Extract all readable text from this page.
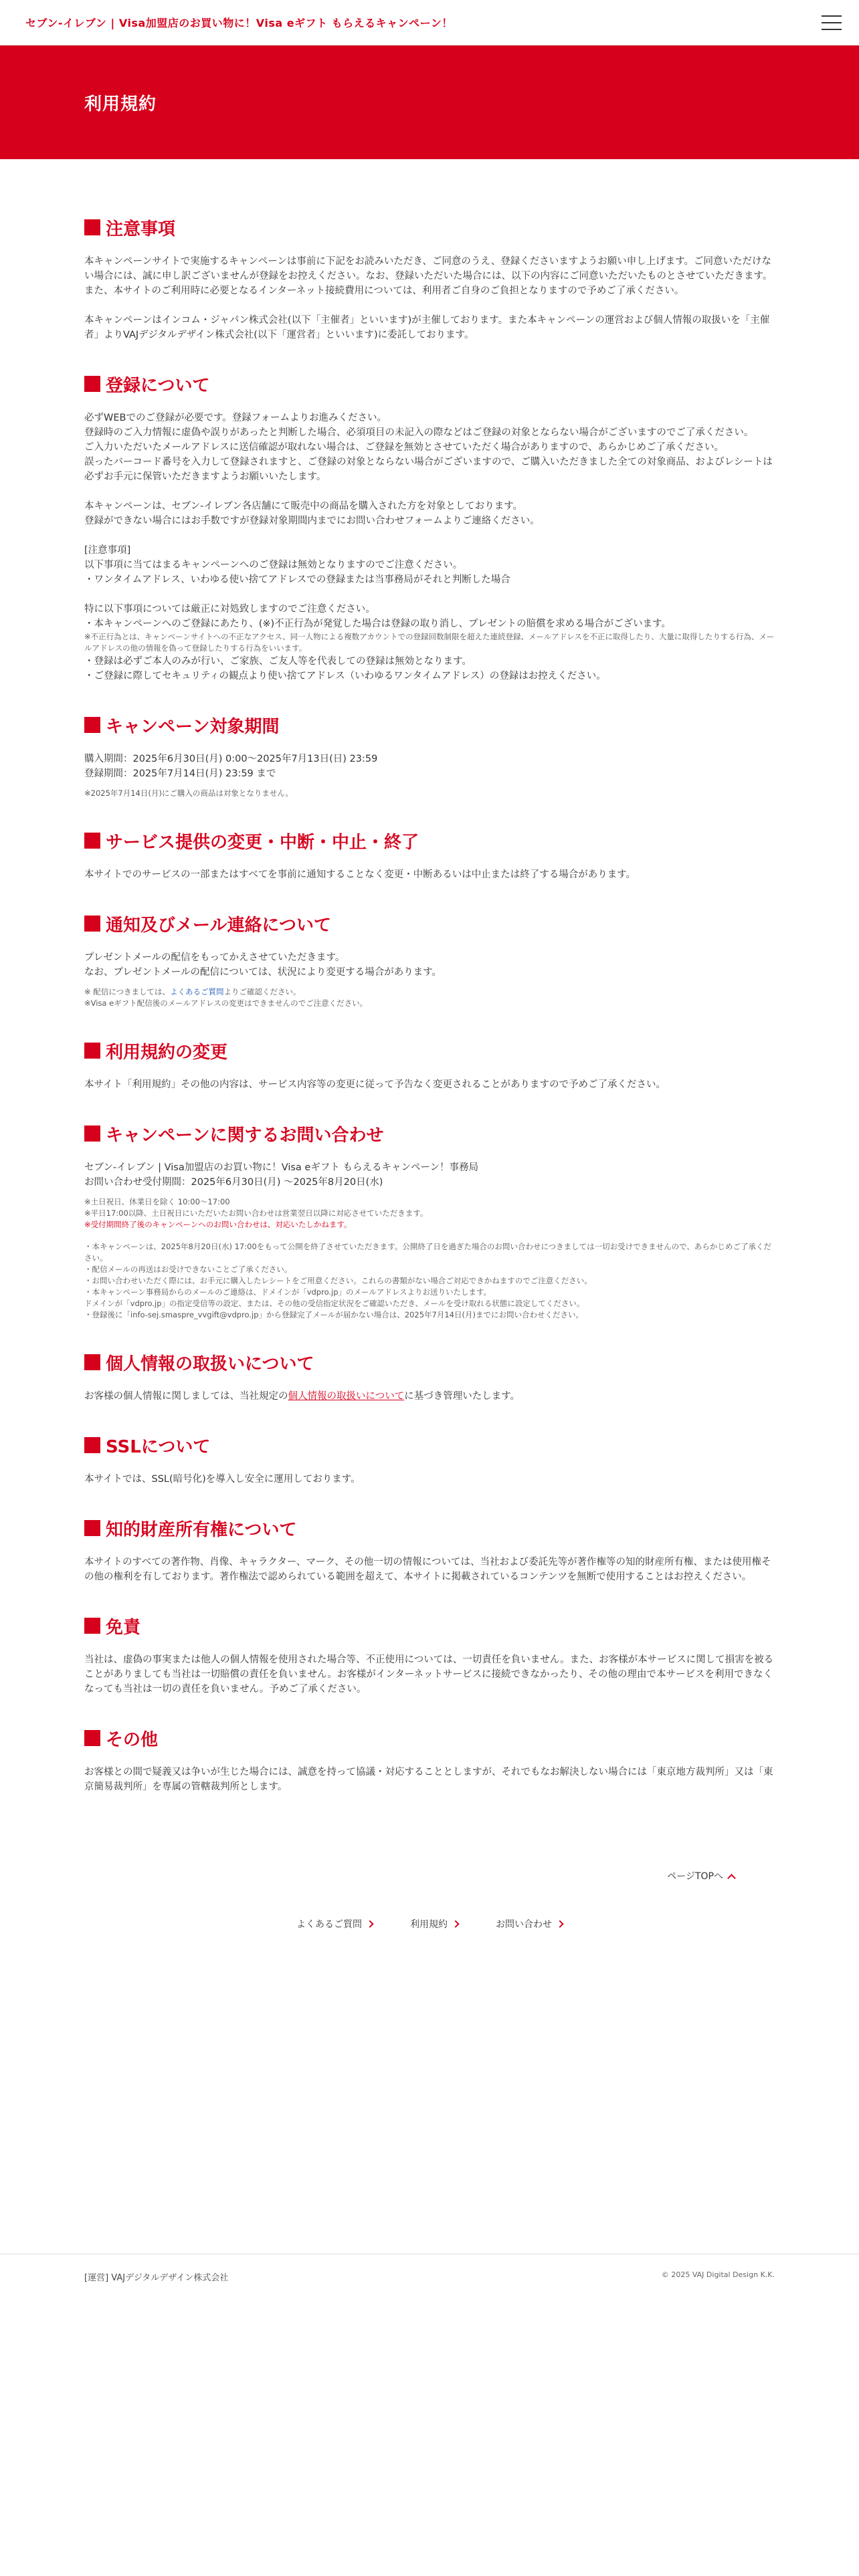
セブン‐イレブン | Visa加盟店のお買い物に！Visa eギフト もらえるキャンペーン！
利用規約
注意事項

本キャンペーンサイトで実施するキャンペーンは事前に下記をお読みいただき、ご同意のうえ、登録くださいますようお願い申し上げます。ご同意いただけない場合には、誠に申し訳ございませんが登録をお控えください。なお、登録いただいた場合には、以下の内容にご同意いただいたものとさせていただきます。また、本サイトのご利用時に必要となるインターネット接続費用については、利用者ご自身のご負担となりますので予めご了承ください。

本キャンペーンはインコム・ジャパン株式会社(以下「主催者」といいます)が主催しております。また本キャンペーンの運営および個人情報の取扱いを「主催者」よりVAJデジタルデザイン株式会社(以下「運営者」といいます)に委託しております。

登録について

必ずWEBでのご登録が必要です。登録フォームよりお進みください。

登録時のご入力情報に虚偽や誤りがあったと判断した場合、必須項目の未記入の際などはご登録の対象とならない場合がございますのでご了承ください。

ご入力いただいたメールアドレスに送信確認が取れない場合は、ご登録を無効とさせていただく場合がありますので、あらかじめご了承ください。

誤ったバーコード番号を入力して登録されますと、ご登録の対象とならない場合がございますので、ご購入いただきました全ての対象商品、およびレシートは必ずお手元に保管いただきますようお願いいたします。

本キャンペーンは、セブン‐イレブン各店舗にて販売中の商品を購入された方を対象としております。

登録ができない場合にはお手数ですが登録対象期間内までにお問い合わせフォームよりご連絡ください。

[注意事項]

以下事項に当てはまるキャンペーンへのご登録は無効となりますのでご注意ください。

・ワンタイムアドレス、いわゆる使い捨てアドレスでの登録または当事務局がそれと判断した場合

特に以下事項については厳正に対処致しますのでご注意ください。

・本キャンペーンへのご登録にあたり、(※)不正行為が発覚した場合は登録の取り消し、プレゼントの賠償を求める場合がございます。

※不正行為とは、キャンペーンサイトへの不正なアクセス、同一人物による複数アカウントでの登録回数制限を超えた連続登録、メールアドレスを不正に取得したり、大量に取得したりする行為、メールアドレスの他の情報を偽って登録したりする行為をいいます。

・登録は必ずご本人のみが行い、ご家族、ご友人等を代表しての登録は無効となります。

・ご登録に際してセキュリティの観点より使い捨てアドレス（いわゆるワンタイムアドレス）の登録はお控えください。

キャンペーン対象期間

購入期間：2025年6月30日(月) 0:00〜2025年7月13日(日) 23:59

登録期間：2025年7月14日(月) 23:59 まで

※2025年7月14日(月)にご購入の商品は対象となりません。

サービス提供の変更・中断・中止・終了

本サイトでのサービスの一部またはすべてを事前に通知することなく変更・中断あるいは中止または終了する場合があります。

通知及びメール連絡について

プレゼントメールの配信をもってかえさせていただきます。

なお、プレゼントメールの配信については、状況により変更する場合があります。

※ 配信につきましては、よくあるご質問よりご確認ください。

※Visa eギフト配信後のメールアドレスの変更はできませんのでご注意ください。

利用規約の変更

本サイト「利用規約」その他の内容は、サービス内容等の変更に従って予告なく変更されることがありますので予めご了承ください。

キャンペーンに関するお問い合わせ

セブン‐イレブン | Visa加盟店のお買い物に！Visa eギフト もらえるキャンペーン！事務局

お問い合わせ受付期間：2025年6月30日(月) 〜2025年8月20日(水)

※土日祝日、休業日を除く 10:00〜17:00

※平日17:00以降、土日祝日にいただいたお問い合わせは営業翌日以降に対応させていただきます。

※受付期間終了後のキャンペーンへのお問い合わせは、対応いたしかねます。

・本キャンペーンは、2025年8月20日(水) 17:00をもって公開を終了させていただきます。公開終了日を過ぎた場合のお問い合わせにつきましては一切お受けできませんので、あらかじめご了承ください。

・配信メールの再送はお受けできないことご了承ください。

・お問い合わせいただく際には、お手元に購入したレシートをご用意ください。これらの書類がない場合ご対応できかねますのでご注意ください。

・本キャンペーン事務局からのメールのご連絡は、ドメインが「vdpro.jp」のメールアドレスよりお送りいたします。

ドメインが「vdpro.jp」の指定受信等の設定、または、その他の受信指定状況をご確認いただき、メールを受け取れる状態に設定してください。

・登録後に「info-sej.smaspre_vvgift@vdpro.jp」から登録完了メールが届かない場合は、2025年7月14日(月)までにお問い合わせください。

個人情報の取扱いについて

お客様の個人情報に関しましては、当社規定の個人情報の取扱いについてに基づき管理いたします。

SSLについて

本サイトでは、SSL(暗号化)を導入し安全に運用しております。

知的財産所有権について

本サイトのすべての著作物、肖像、キャラクター、マーク、その他一切の情報については、当社および委託先等が著作権等の知的財産所有権、または使用権その他の権利を有しております。著作権法で認められている範囲を超えて、本サイトに掲載されているコンテンツを無断で使用することはお控えください。

免責

当社は、虚偽の事実または他人の個人情報を使用された場合等、不正使用については、一切責任を負いません。また、お客様が本サービスに関して損害を被ることがありましても当社は一切賠償の責任を負いません。お客様がインターネットサービスに接続できなかったり、その他の理由で本サービスを利用できなくなっても当社は一切の責任を負いません。予めご了承ください。

その他

お客様との間で疑義又は争いが生じた場合には、誠意を持って協議・対応することとしますが、それでもなお解決しない場合には「東京地方裁判所」又は「東京簡易裁判所」を専属の管轄裁判所とします。

ページTOPへ
よくあるご質問	利用規約	お問い合わせ
[運営] VAJデジタルデザイン株式会社	© 2025 VAJ Digital Design K.K.
